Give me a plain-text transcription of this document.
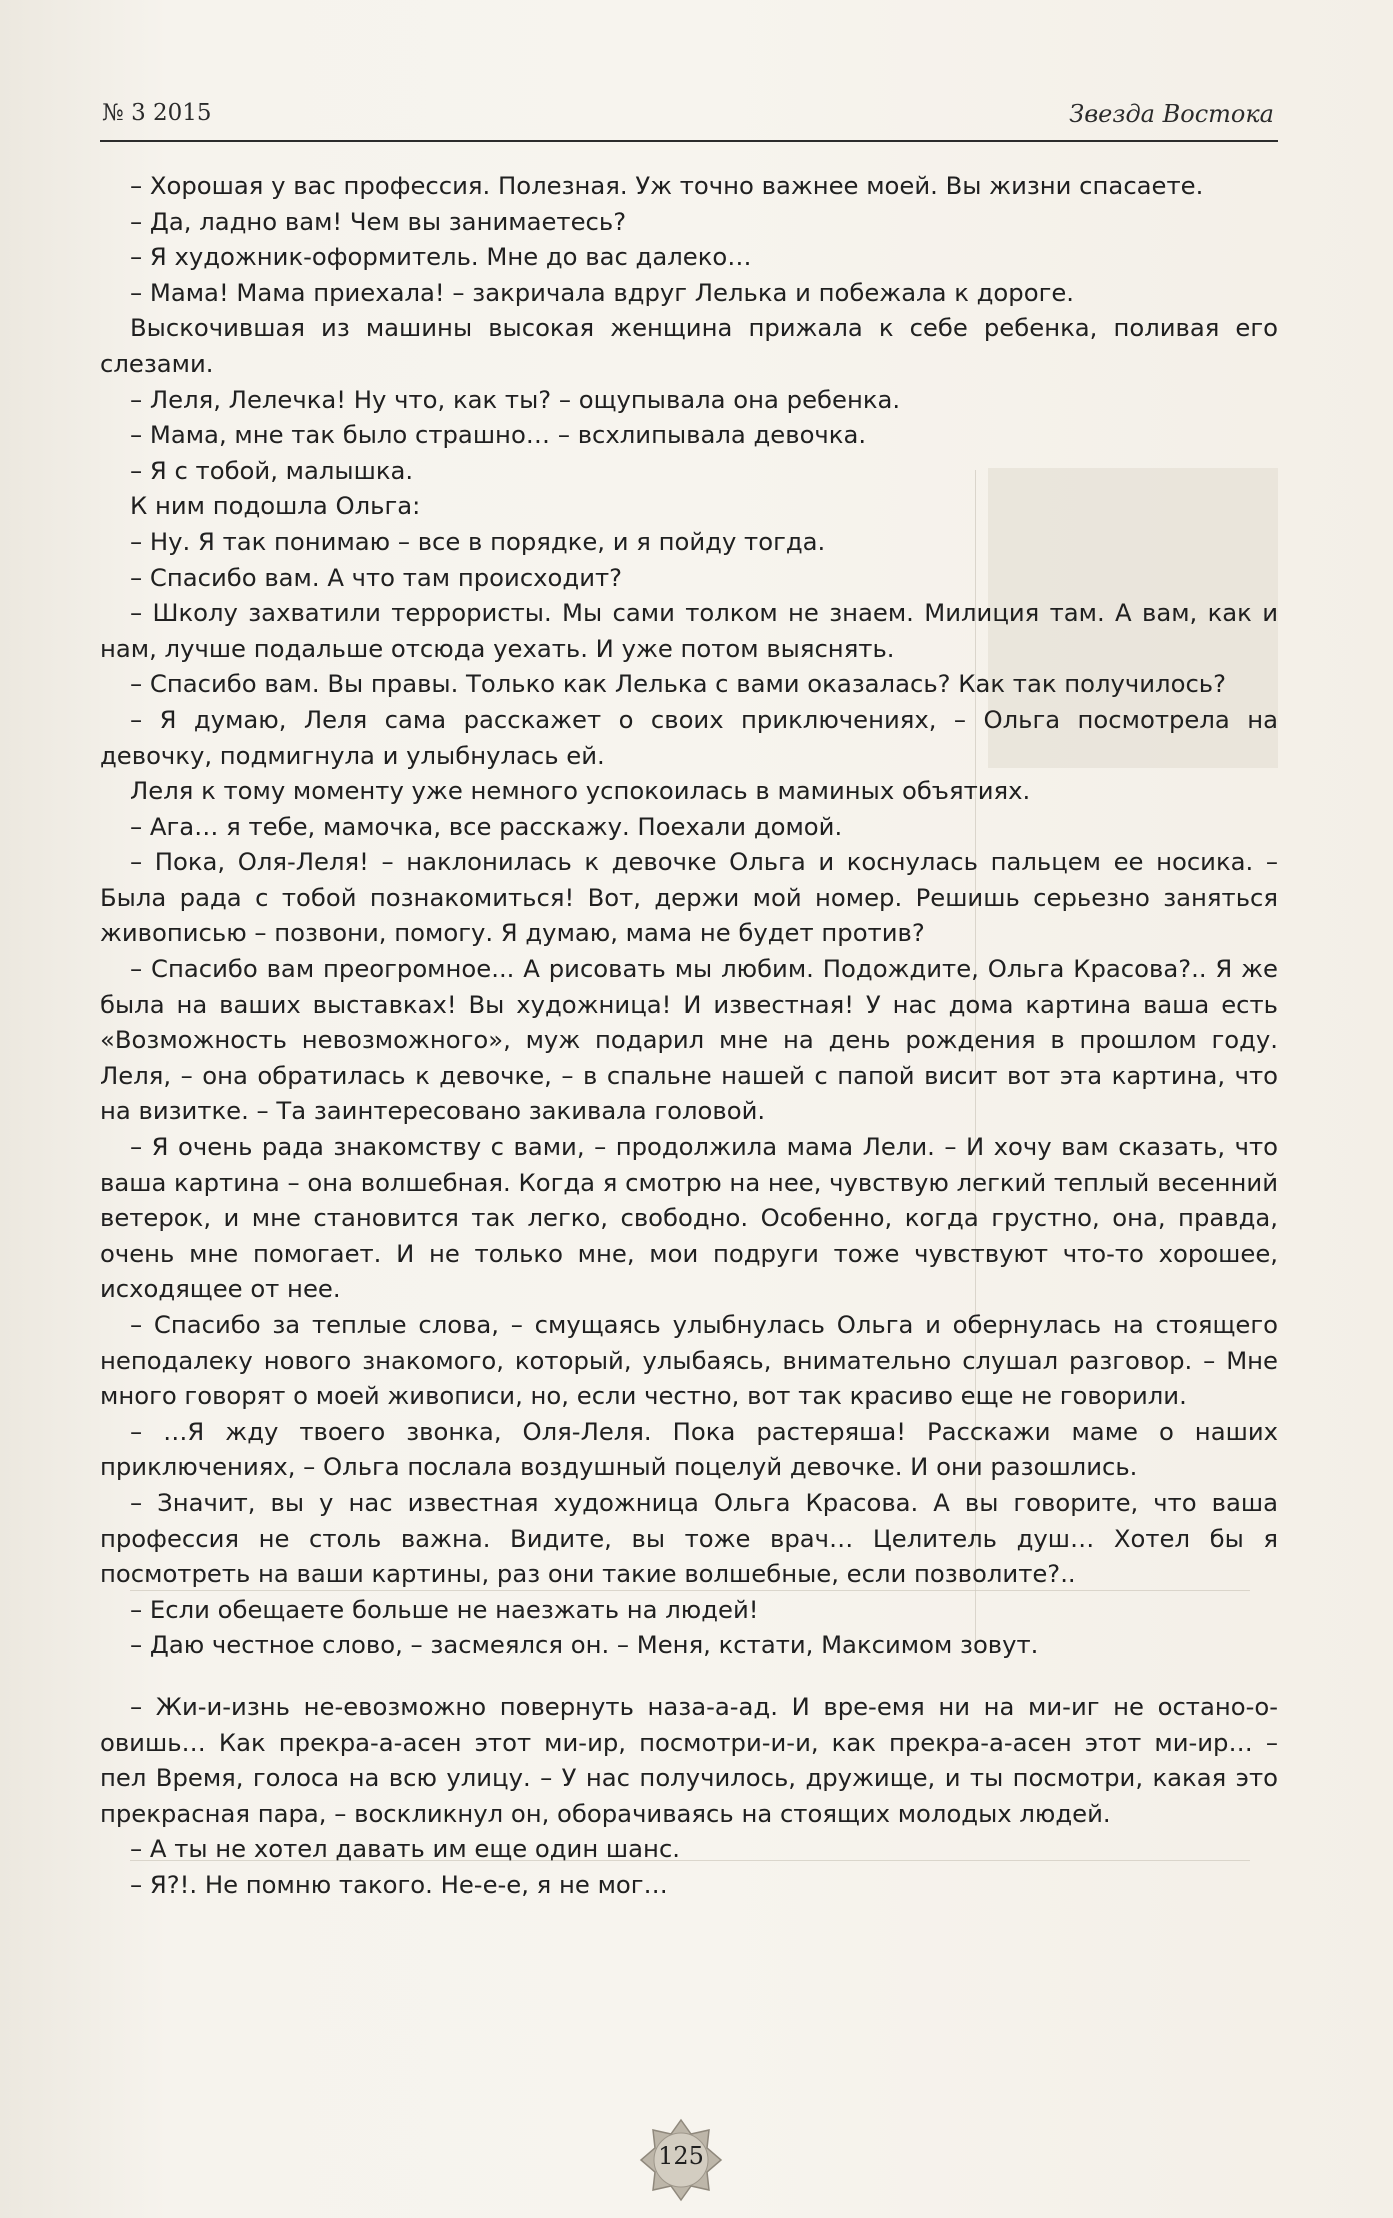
№ 3 2015	Звезда Востока

– Хорошая у вас профессия. Полезная. Уж точно важнее моей. Вы жизни спасаете.

– Да, ладно вам! Чем вы занимаетесь?

– Я художник-оформитель. Мне до вас далеко…

– Мама! Мама приехала! – закричала вдруг Лелька и побежала к дороге.

Выскочившая из машины высокая женщина прижала к себе ребенка, поливая его слезами.

– Леля, Лелечка! Ну что, как ты? – ощупывала она ребенка.

– Мама, мне так было страшно… – всхлипывала девочка.

– Я с тобой, малышка.

К ним подошла Ольга:

– Ну. Я так понимаю – все в порядке, и я пойду тогда.

– Спасибо вам. А что там происходит?

– Школу захватили террористы. Мы сами толком не знаем. Милиция там. А вам, как и нам, лучше подальше отсюда уехать. И уже потом выяснять.

– Спасибо вам. Вы правы. Только как Лелька с вами оказалась? Как так получилось?

– Я думаю, Леля сама расскажет о своих приключениях, – Ольга посмотрела на девочку, подмигнула и улыбнулась ей.

Леля к тому моменту уже немного успокоилась в маминых объятиях.

– Ага… я тебе, мамочка, все расскажу. Поехали домой.

– Пока, Оля-Леля! – наклонилась к девочке Ольга и коснулась пальцем ее носика. – Была рада с тобой познакомиться! Вот, держи мой номер. Решишь серьезно заняться живописью – позвони, помогу. Я думаю, мама не будет против?

– Спасибо вам преогромное... А рисовать мы любим. Подождите, Ольга Красова?.. Я же была на ваших выставках! Вы художница! И известная! У нас дома картина ваша есть «Возможность невозможного», муж подарил мне на день рождения в прошлом году. Леля, – она обратилась к девочке, – в спальне нашей с папой висит вот эта картина, что на визитке. – Та заинтересовано закивала головой.

– Я очень рада знакомству с вами, – продолжила мама Лели. – И хочу вам сказать, что ваша картина – она волшебная. Когда я смотрю на нее, чувствую легкий теплый весенний ветерок, и мне становится так легко, свободно. Особенно, когда грустно, она, правда, очень мне помогает. И не только мне, мои подруги тоже чувствуют что-то хорошее, исходящее от нее.

– Спасибо за теплые слова, – смущаясь улыбнулась Ольга и обернулась на стоящего неподалеку нового знакомого, который, улыбаясь, внимательно слушал разговор. – Мне много говорят о моей живописи, но, если честно, вот так красиво еще не говорили.

– …Я жду твоего звонка, Оля-Леля. Пока растеряша! Расскажи маме о наших приключениях, – Ольга послала воздушный поцелуй девочке. И они разошлись.

– Значит, вы у нас известная художница Ольга Красова. А вы говорите, что ваша профессия не столь важна. Видите, вы тоже врач… Целитель душ… Хотел бы я посмотреть на ваши картины, раз они такие волшебные, если позволите?..

– Если обещаете больше не наезжать на людей!

– Даю честное слово, – засмеялся он. – Меня, кстати, Максимом зовут.

– Жи-и-изнь не-евозможно повернуть наза-а-ад. И вре-емя ни на ми-иг не остано-о-овишь… Как прекра-а-асен этот ми-ир, посмотри-и-и, как прекра-а-асен этот ми-ир… – пел Время, голоса на всю улицу. – У нас получилось, дружище, и ты посмотри, какая это прекрасная пара, – воскликнул он, оборачиваясь на стоящих молодых людей.

– А ты не хотел давать им еще один шанс.

– Я?!. Не помню такого. Не-е-е, я не мог…

125
